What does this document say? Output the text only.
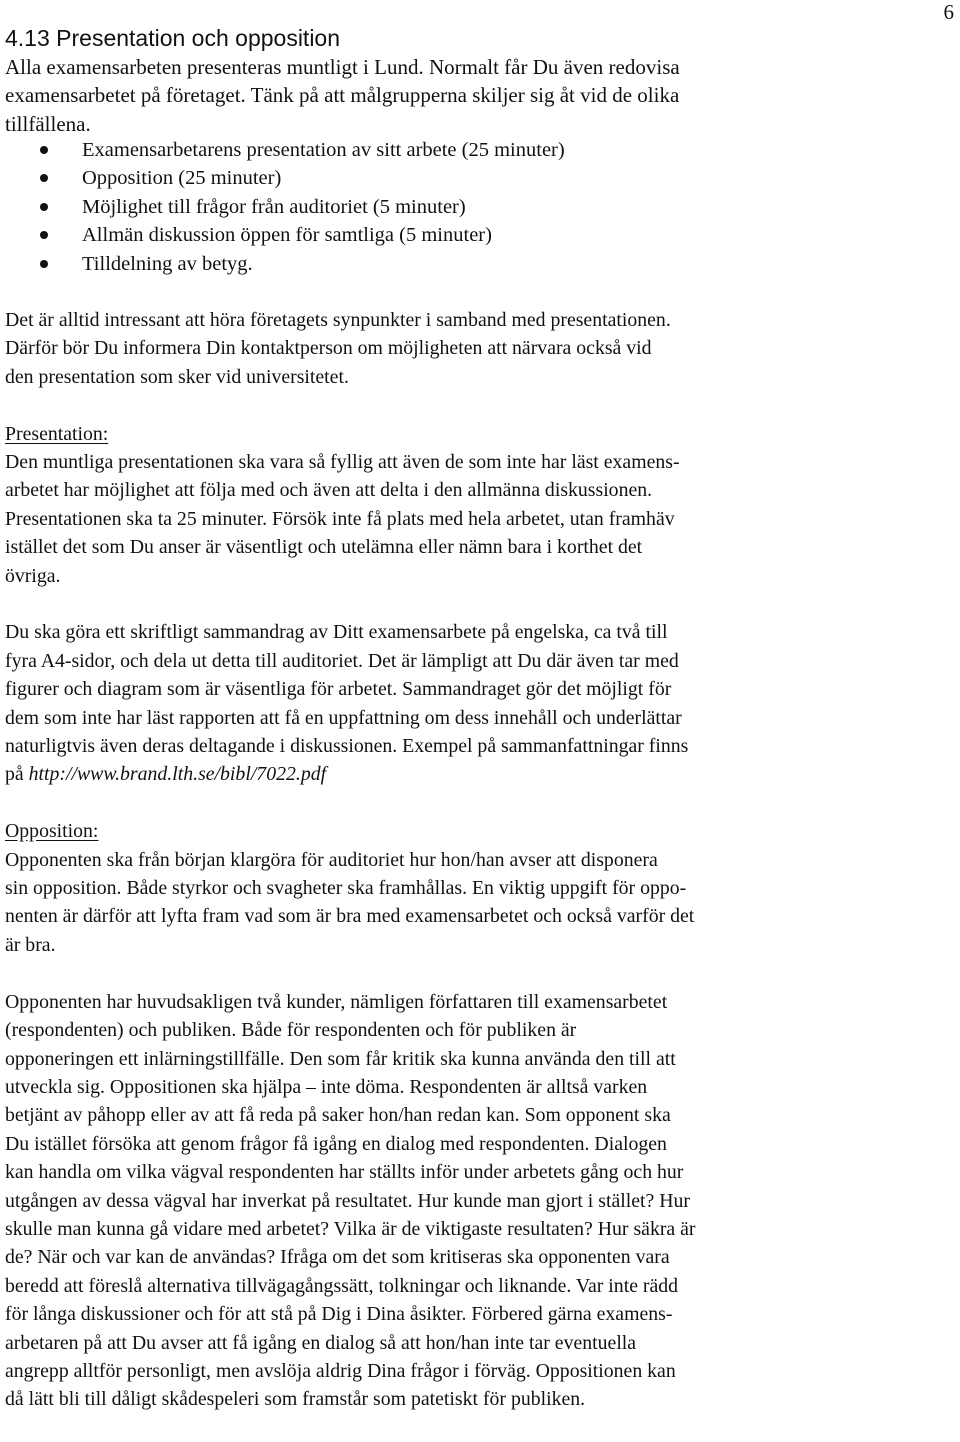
6
4.13 Presentation och opposition

Alla examensarbeten presenteras muntligt i Lund. Normalt får Du även redovisa
examensarbetet på företaget. Tänk på att målgrupperna skiljer sig åt vid de olika
tillfällena.

Examensarbetarens presentation av sitt arbete (25 minuter)
Opposition (25 minuter)
Möjlighet till frågor från auditoriet (5 minuter)
Allmän diskussion öppen för samtliga (5 minuter)
Tilldelning av betyg.

Det är alltid intressant att höra företagets synpunkter i samband med presentationen.
Därför bör Du informera Din kontaktperson om möjligheten att närvara också vid
den presentation som sker vid universitetet.

Presentation:
Den muntliga presentationen ska vara så fyllig att även de som inte har läst examens-
arbetet har möjlighet att följa med och även att delta i den allmänna diskussionen.
Presentationen ska ta 25 minuter. Försök inte få plats med hela arbetet, utan framhäv
istället det som Du anser är väsentligt och utelämna eller nämn bara i korthet det
övriga.

Du ska göra ett skriftligt sammandrag av Ditt examensarbete på engelska, ca två till
fyra A4-sidor, och dela ut detta till auditoriet. Det är lämpligt att Du där även tar med
figurer och diagram som är väsentliga för arbetet. Sammandraget gör det möjligt för
dem som inte har läst rapporten att få en uppfattning om dess innehåll och underlättar
naturligtvis även deras deltagande i diskussionen. Exempel på sammanfattningar finns
på http://www.brand.lth.se/bibl/7022.pdf

Opposition:
Opponenten ska från början klargöra för auditoriet hur hon/han avser att disponera
sin opposition. Både styrkor och svagheter ska framhållas. En viktig uppgift för oppo-
nenten är därför att lyfta fram vad som är bra med examensarbetet och också varför det
är bra.

Opponenten har huvudsakligen två kunder, nämligen författaren till examensarbetet
(respondenten) och publiken. Både för respondenten och för publiken är
opponeringen ett inlärningstillfälle. Den som får kritik ska kunna använda den till att
utveckla sig. Oppositionen ska hjälpa – inte döma. Respondenten är alltså varken
betjänt av påhopp eller av att få reda på saker hon/han redan kan. Som opponent ska
Du istället försöka att genom frågor få igång en dialog med respondenten. Dialogen
kan handla om vilka vägval respondenten har ställts inför under arbetets gång och hur
utgången av dessa vägval har inverkat på resultatet. Hur kunde man gjort i stället? Hur
skulle man kunna gå vidare med arbetet? Vilka är de viktigaste resultaten? Hur säkra är
de? När och var kan de användas? Ifråga om det som kritiseras ska opponenten vara
beredd att föreslå alternativa tillvägagångssätt, tolkningar och liknande. Var inte rädd
för långa diskussioner och för att stå på Dig i Dina åsikter. Förbered gärna examens-
arbetaren på att Du avser att få igång en dialog så att hon/han inte tar eventuella
angrepp alltför personligt, men avslöja aldrig Dina frågor i förväg. Oppositionen kan
då lätt bli till dåligt skådespeleri som framstår som patetiskt för publiken.
